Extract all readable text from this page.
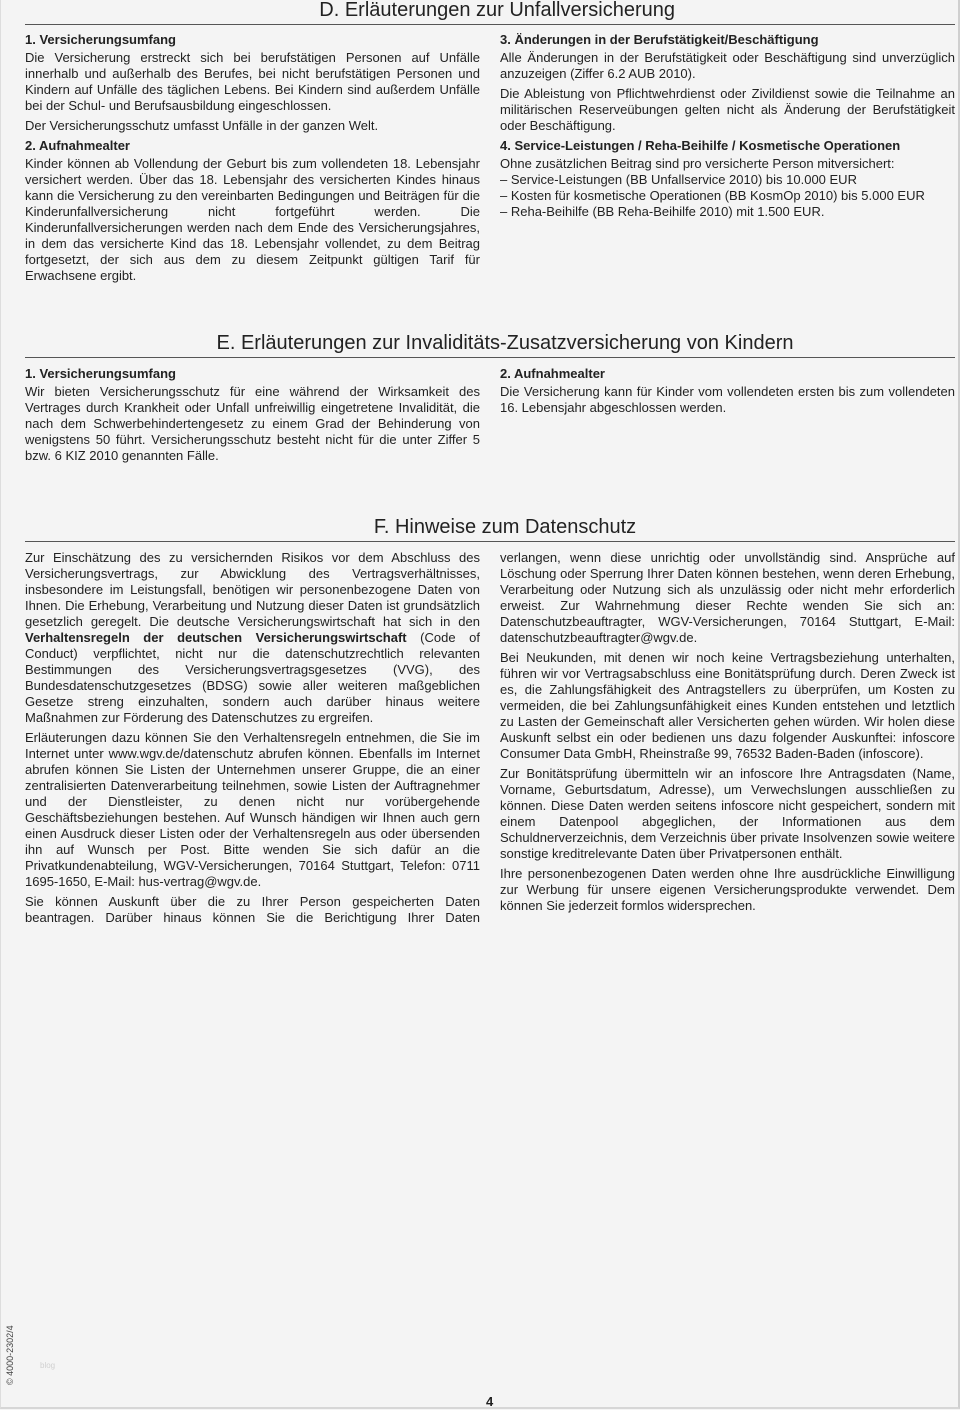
D. Erläuterungen zur Unfallversicherung
1. Versicherungsumfang

Die Versicherung erstreckt sich bei berufstätigen Personen auf Unfälle innerhalb und außerhalb des Berufes, bei nicht berufstätigen Personen und Kindern auf Unfälle des täglichen Lebens. Bei Kindern sind außerdem Unfälle bei der Schul- und Berufsausbildung eingeschlossen.

Der Versicherungsschutz umfasst Unfälle in der ganzen Welt.

2. Aufnahmealter

Kinder können ab Vollendung der Geburt bis zum vollendeten 18. Lebensjahr versichert werden. Über das 18. Lebensjahr des versicherten Kindes hinaus kann die Versicherung zu den vereinbarten Bedingungen und Beiträgen für die Kinderunfallversicherung nicht fortgeführt werden. Die Kinderunfallversicherungen werden nach dem Ende des Versicherungsjahres, in dem das versicherte Kind das 18. Lebensjahr vollendet, zu dem Beitrag fortgesetzt, der sich aus dem zu diesem Zeitpunkt gültigen Tarif für Erwachsene ergibt.

3. Änderungen in der Berufstätigkeit/Beschäftigung

Alle Änderungen in der Berufstätigkeit oder Beschäftigung sind unverzüglich anzuzeigen (Ziffer 6.2 AUB 2010).

Die Ableistung von Pflichtwehrdienst oder Zivildienst sowie die Teilnahme an militärischen Reserveübungen gelten nicht als Änderung der Berufstätigkeit oder Beschäftigung.

4. Service-Leistungen / Reha-Beihilfe / Kosmetische Operationen

Ohne zusätzlichen Beitrag sind pro versicherte Person mitversichert:

– Service-Leistungen (BB Unfallservice 2010) bis 10.000 EUR

– Kosten für kosmetische Operationen (BB KosmOp 2010) bis 5.000 EUR

– Reha-Beihilfe (BB Reha-Beihilfe 2010) mit 1.500 EUR.

E. Erläuterungen zur Invaliditäts-Zusatzversicherung von Kindern
1. Versicherungsumfang

Wir bieten Versicherungsschutz für eine während der Wirksamkeit des Vertrages durch Krankheit oder Unfall unfreiwillig eingetretene Invalidität, die nach dem Schwerbehindertengesetz zu einem Grad der Behinderung von wenigstens 50 führt. Versicherungsschutz besteht nicht für die unter Ziffer 5 bzw. 6 KIZ 2010 genannten Fälle.

2. Aufnahmealter

Die Versicherung kann für Kinder vom vollendeten ersten bis zum vollendeten 16. Lebensjahr abgeschlossen werden.

F. Hinweise zum Datenschutz

Zur Einschätzung des zu versichernden Risikos vor dem Abschluss des Versicherungsvertrags, zur Abwicklung des Vertragsverhältnisses, insbesondere im Leistungsfall, benötigen wir personenbezogene Daten von Ihnen. Die Erhebung, Verarbeitung und Nutzung dieser Daten ist grundsätzlich gesetzlich geregelt. Die deutsche Versicherungswirtschaft hat sich in den Verhaltensregeln der deutschen Versicherungswirtschaft (Code of Conduct) verpflichtet, nicht nur die datenschutzrechtlich relevanten Bestimmungen des Versicherungsvertragsgesetzes (VVG), des Bundesdatenschutzgesetzes (BDSG) sowie aller weiteren maßgeblichen Gesetze streng einzuhalten, sondern auch darüber hinaus weitere Maßnahmen zur Förderung des Datenschutzes zu ergreifen.

Erläuterungen dazu können Sie den Verhaltensregeln entnehmen, die Sie im Internet unter www.wgv.de/datenschutz abrufen können. Ebenfalls im Internet abrufen können Sie Listen der Unternehmen unserer Gruppe, die an einer zentralisierten Datenverarbeitung teilnehmen, sowie Listen der Auftragnehmer und der Dienstleister, zu denen nicht nur vorübergehende Geschäftsbeziehungen bestehen. Auf Wunsch händigen wir Ihnen auch gern einen Ausdruck dieser Listen oder der Verhaltensregeln aus oder übersenden ihn auf Wunsch per Post. Bitte wenden Sie sich dafür an die Privatkundenabteilung, WGV-Versicherungen, 70164 Stuttgart, Telefon: 0711 1695-1650, E-Mail: hus-vertrag@wgv.de.

Sie können Auskunft über die zu Ihrer Person gespeicherten Daten beantragen. Darüber hinaus können Sie die Berichtigung Ihrer Daten

verlangen, wenn diese unrichtig oder unvollständig sind. Ansprüche auf Löschung oder Sperrung Ihrer Daten können bestehen, wenn deren Erhebung, Verarbeitung oder Nutzung sich als unzulässig oder nicht mehr erforderlich erweist. Zur Wahrnehmung dieser Rechte wenden Sie sich an: Datenschutzbeauftragter, WGV-Versicherungen, 70164 Stuttgart, E-Mail: datenschutzbeauftragter@wgv.de.

Bei Neukunden, mit denen wir noch keine Vertragsbeziehung unterhalten, führen wir vor Vertragsabschluss eine Bonitätsprüfung durch. Deren Zweck ist es, die Zahlungsfähigkeit des Antragstellers zu überprüfen, um Kosten zu vermeiden, die bei Zahlungsunfähigkeit eines Kunden entstehen und letztlich zu Lasten der Gemeinschaft aller Versicherten gehen würden. Wir holen diese Auskunft selbst ein oder bedienen uns dazu folgender Auskunftei: infoscore Consumer Data GmbH, Rheinstraße 99, 76532 Baden-Baden (infoscore).

Zur Bonitätsprüfung übermitteln wir an infoscore Ihre Antragsdaten (Name, Vorname, Geburtsdatum, Adresse), um Verwechslungen ausschließen zu können. Diese Daten werden seitens infoscore nicht gespeichert, sondern mit einem Datenpool abgeglichen, der Informationen aus dem Schuldnerverzeichnis, dem Verzeichnis über private Insolvenzen sowie weitere sonstige kreditrelevante Daten über Privatpersonen enthält.

Ihre personenbezogenen Daten werden ohne Ihre ausdrückliche Einwilligung zur Werbung für unsere eigenen Versicherungsprodukte verwendet. Dem können Sie jederzeit formlos widersprechen.

© 4000-2302/4	blog
4
